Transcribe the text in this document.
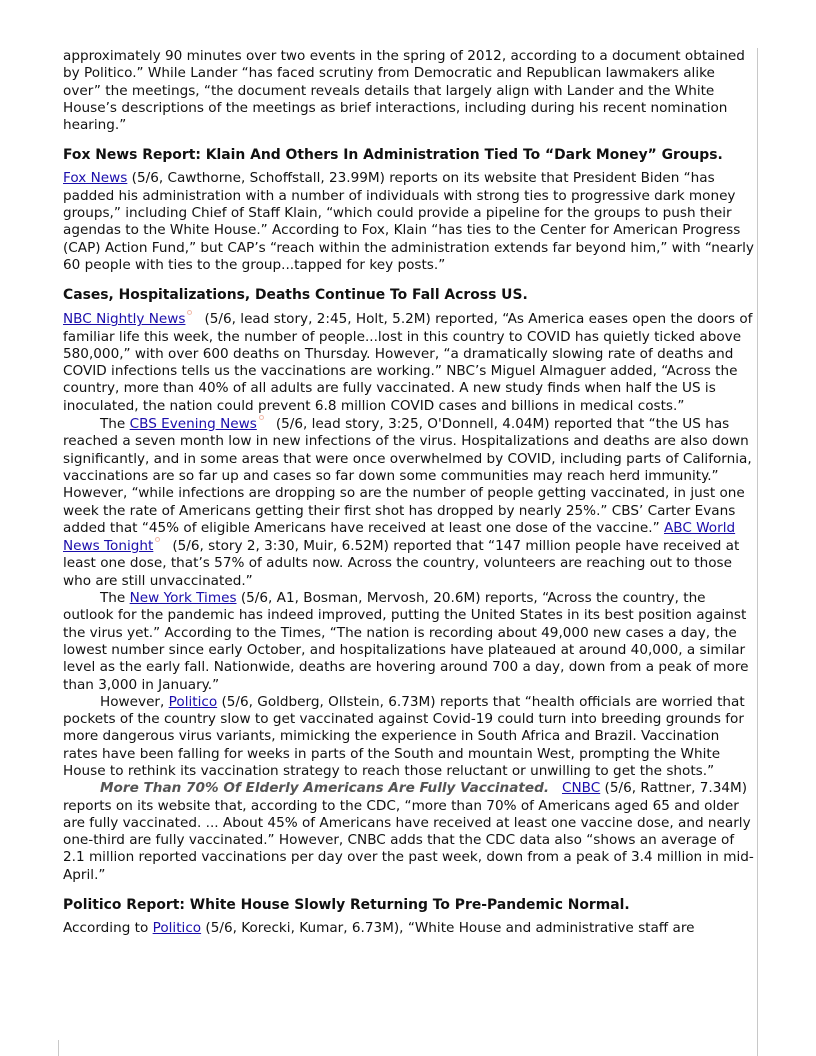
approximately 90 minutes over two events in the spring of 2012, according to a document obtained by Politico.” While Lander “has faced scrutiny from Democratic and Republican lawmakers alike over” the meetings, “the document reveals details that largely align with Lander and the White House’s descriptions of the meetings as brief interactions, including during his recent nomination hearing.”

Fox News Report: Klain And Others In Administration Tied To “Dark Money” Groups.

Fox News (5/6, Cawthorne, Schoffstall, 23.99M) reports on its website that President Biden “has padded his administration with a number of individuals with strong ties to progressive dark money groups,” including Chief of Staff Klain, “which could provide a pipeline for the groups to push their agendas to the White House.” According to Fox, Klain “has ties to the Center for American Progress (CAP) Action Fund,” but CAP’s “reach within the administration extends far beyond him,” with “nearly 60 people with ties to the group...tapped for key posts.”

Cases, Hospitalizations, Deaths Continue To Fall Across US.

NBC Nightly News (5/6, lead story, 2:45, Holt, 5.2M) reported, “As America eases open the doors of familiar life this week, the number of people...lost in this country to COVID has quietly ticked above 580,000,” with over 600 deaths on Thursday. However, “a dramatically slowing rate of deaths and COVID infections tells us the vaccinations are working.” NBC’s Miguel Almaguer added, “Across the country, more than 40% of all adults are fully vaccinated. A new study finds when half the US is inoculated, the nation could prevent 6.8 million COVID cases and billions in medical costs.”

The CBS Evening News (5/6, lead story, 3:25, O'Donnell, 4.04M) reported that “the US has reached a seven month low in new infections of the virus. Hospitalizations and deaths are also down significantly, and in some areas that were once overwhelmed by COVID, including parts of California, vaccinations are so far up and cases so far down some communities may reach herd immunity.” However, “while infections are dropping so are the number of people getting vaccinated, in just one week the rate of Americans getting their first shot has dropped by nearly 25%.” CBS’ Carter Evans added that “45% of eligible Americans have received at least one dose of the vaccine.” ABC World News Tonight (5/6, story 2, 3:30, Muir, 6.52M) reported that “147 million people have received at least one dose, that’s 57% of adults now. Across the country, volunteers are reaching out to those who are still unvaccinated.”

The New York Times (5/6, A1, Bosman, Mervosh, 20.6M) reports, “Across the country, the outlook for the pandemic has indeed improved, putting the United States in its best position against the virus yet.” According to the Times, “The nation is recording about 49,000 new cases a day, the lowest number since early October, and hospitalizations have plateaued at around 40,000, a similar level as the early fall. Nationwide, deaths are hovering around 700 a day, down from a peak of more than 3,000 in January.”

However, Politico (5/6, Goldberg, Ollstein, 6.73M) reports that “health officials are worried that pockets of the country slow to get vaccinated against Covid-19 could turn into breeding grounds for more dangerous virus variants, mimicking the experience in South Africa and Brazil. Vaccination rates have been falling for weeks in parts of the South and mountain West, prompting the White House to rethink its vaccination strategy to reach those reluctant or unwilling to get the shots.”

More Than 70% Of Elderly Americans Are Fully Vaccinated. CNBC (5/6, Rattner, 7.34M) reports on its website that, according to the CDC, “more than 70% of Americans aged 65 and older are fully vaccinated. ... About 45% of Americans have received at least one vaccine dose, and nearly one-third are fully vaccinated.” However, CNBC adds that the CDC data also “shows an average of 2.1 million reported vaccinations per day over the past week, down from a peak of 3.4 million in mid-April.”

Politico Report: White House Slowly Returning To Pre-Pandemic Normal.

According to Politico (5/6, Korecki, Kumar, 6.73M), “White House and administrative staff are
